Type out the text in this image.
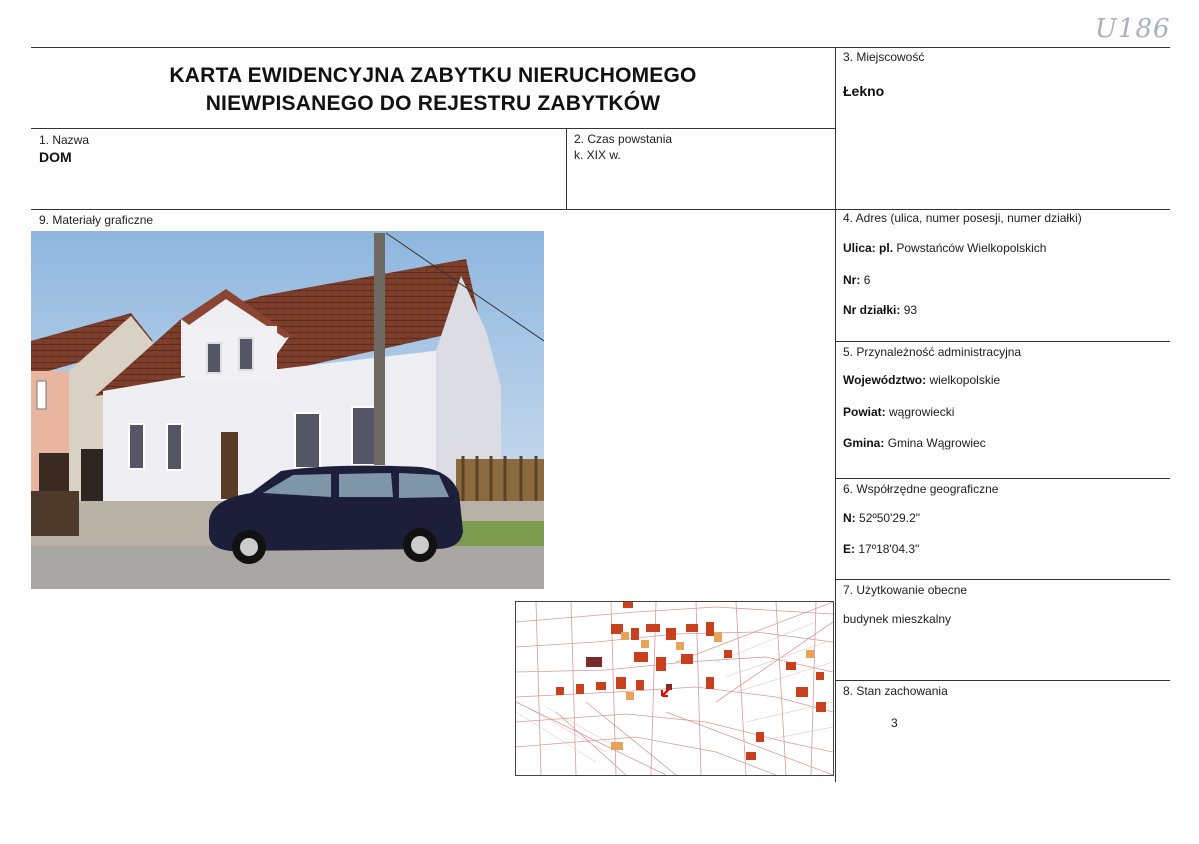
U186
KARTA EWIDENCYJNA ZABYTKU NIERUCHOMEGO
NIEWPISANEGO DO REJESTRU ZABYTKÓW
3. Miejscowość
Łekno
1. Nazwa
DOM
2. Czas powstania
k. XIX w.
9. Materiały graficzne	4. Adres (ulica, numer posesji, numer działki)
Ulica: pl. Powstańców Wielkopolskich
Nr: 6
Nr działki: 93
5. Przynależność administracyjna
Województwo: wielkopolskie
Powiat: wągrowiecki
Gmina: Gmina Wągrowiec
6. Współrzędne geograficzne
N: 52º50'29.2"
E: 17º18'04.3"
7. Użytkowanie obecne
budynek mieszkalny
8. Stan zachowania
3
